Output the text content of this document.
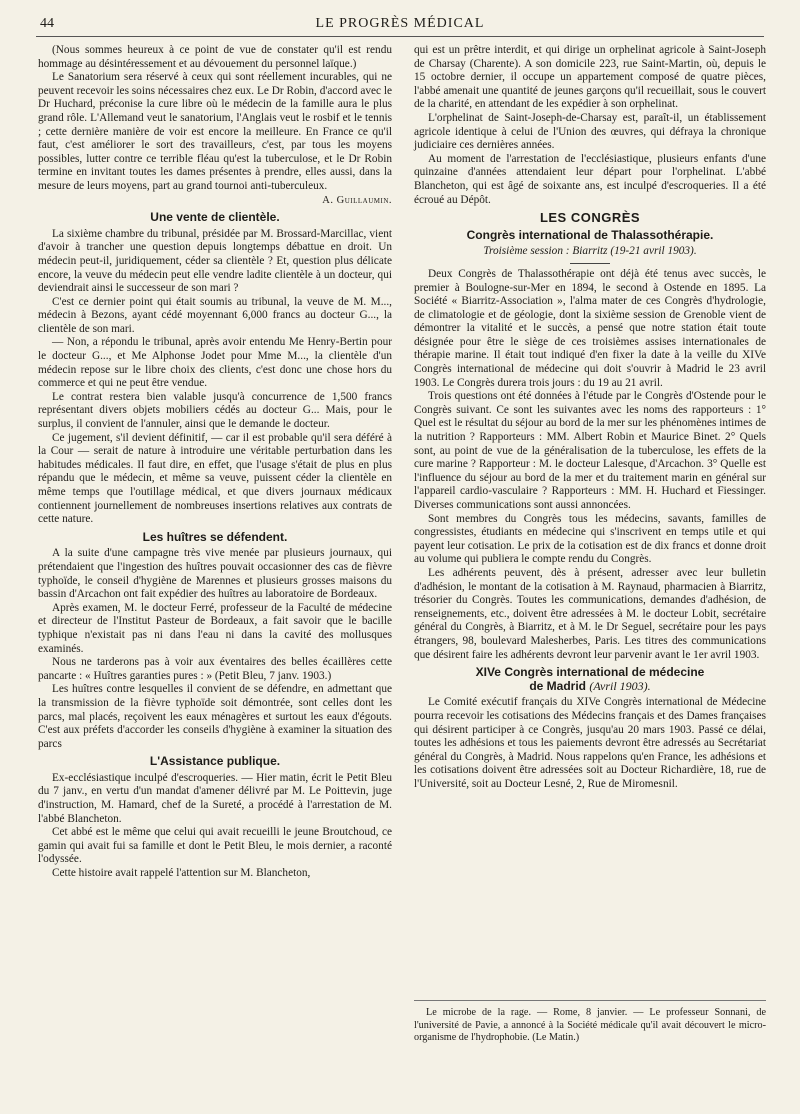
44	LE PROGRÈS MÉDICAL

(Nous sommes heureux à ce point de vue de constater qu'il est rendu hommage au désintéressement et au dévouement du personnel laïque.)

Le Sanatorium sera réservé à ceux qui sont réellement incurables, qui ne peuvent recevoir les soins nécessaires chez eux. Le Dr Robin, d'accord avec le Dr Huchard, préconise la cure libre où le médecin de la famille aura le plus grand rôle. L'Allemand veut le sanatorium, l'Anglais veut le rosbif et le tennis ; cette dernière manière de voir est encore la meilleure. En France ce qu'il faut, c'est améliorer le sort des travailleurs, c'est, par tous les moyens possibles, lutter contre ce terrible fléau qu'est la tuberculose, et le Dr Robin termine en invitant toutes les dames présentes à prendre, elles aussi, dans la mesure de leurs moyens, part au grand tournoi anti-tuberculeux.

A. Guillaumin.

Une vente de clientèle.

La sixième chambre du tribunal, présidée par M. Brossard-Marcillac, vient d'avoir à trancher une question depuis longtemps débattue en droit. Un médecin peut-il, juridiquement, céder sa clientèle ? Et, question plus délicate encore, la veuve du médecin peut elle vendre ladite clientèle à un docteur, qui deviendrait ainsi le successeur de son mari ?

C'est ce dernier point qui était soumis au tribunal, la veuve de M. M..., médecin à Bezons, ayant cédé moyennant 6,000 francs au docteur G..., la clientèle de son mari.

— Non, a répondu le tribunal, après avoir entendu Me Henry-Bertin pour le docteur G..., et Me Alphonse Jodet pour Mme M..., la clientèle d'un médecin repose sur le libre choix des clients, c'est donc une chose hors du commerce et qui ne peut être vendue.

Le contrat restera bien valable jusqu'à concurrence de 1,500 francs représentant divers objets mobiliers cédés au docteur G... Mais, pour le surplus, il convient de l'annuler, ainsi que le demande le docteur.

Ce jugement, s'il devient définitif, — car il est probable qu'il sera déféré à la Cour — serait de nature à introduire une véritable perturbation dans les habitudes médicales. Il faut dire, en effet, que l'usage s'était de plus en plus répandu que le médecin, et même sa veuve, puissent céder la clientèle en même temps que l'outillage médical, et que divers journaux médicaux contiennent journellement de nombreuses insertions relatives aux contrats de cette nature.

Les huîtres se défendent.

A la suite d'une campagne très vive menée par plusieurs journaux, qui prétendaient que l'ingestion des huîtres pouvait occasionner des cas de fièvre typhoïde, le conseil d'hygiène de Marennes et plusieurs grosses maisons du bassin d'Arcachon ont fait expédier des huîtres au laboratoire de Bordeaux.

Après examen, M. le docteur Ferré, professeur de la Faculté de médecine et directeur de l'Institut Pasteur de Bordeaux, a fait savoir que le bacille typhique n'existait pas ni dans l'eau ni dans la cavité des mollusques examinés.

Nous ne tarderons pas à voir aux éventaires des belles écaillères cette pancarte : « Huîtres garanties pures : » (Petit Bleu, 7 janv. 1903.)

Les huîtres contre lesquelles il convient de se défendre, en admettant que la transmission de la fièvre typhoïde soit démontrée, sont celles dont les parcs, mal placés, reçoivent les eaux ménagères et surtout les eaux d'égouts. C'est aux préfets d'accorder les conseils d'hygiène à examiner la situation des parcs

L'Assistance publique.

Ex-ecclésiastique inculpé d'escroqueries. — Hier matin, écrit le Petit Bleu du 7 janv., en vertu d'un mandat d'amener délivré par M. Le Poittevin, juge d'instruction, M. Hamard, chef de la Sureté, a procédé à l'arrestation de M. l'abbé Blancheton.

Cet abbé est le même que celui qui avait recueilli le jeune Broutchoud, ce gamin qui avait fui sa famille et dont le Petit Bleu, le mois dernier, a raconté l'odyssée.

Cette histoire avait rappelé l'attention sur M. Blancheton,

qui est un prêtre interdit, et qui dirige un orphelinat agricole à Saint-Joseph de Charsay (Charente). A son domicile 223, rue Saint-Martin, où, depuis le 15 octobre dernier, il occupe un appartement composé de quatre pièces, l'abbé amenait une quantité de jeunes garçons qu'il recueillait, sous le couvert de la charité, en attendant de les expédier à son orphelinat.

L'orphelinat de Saint-Joseph-de-Charsay est, paraît-il, un établissement agricole identique à celui de l'Union des œuvres, qui défraya la chronique judiciaire ces dernières années.

Au moment de l'arrestation de l'ecclésiastique, plusieurs enfants d'une quinzaine d'années attendaient leur départ pour l'orphelinat. L'abbé Blancheton, qui est âgé de soixante ans, est inculpé d'escroqueries. Il a été écroué au Dépôt.

LES CONGRÈS
Congrès international de Thalassothérapie.
Troisième session : Biarritz (19-21 avril 1903).

Deux Congrès de Thalassothérapie ont déjà été tenus avec succès, le premier à Boulogne-sur-Mer en 1894, le second à Ostende en 1895. La Société « Biarritz-Association », l'alma mater de ces Congrès d'hydrologie, de climatologie et de géologie, dont la sixième session de Grenoble vient de démontrer la vitalité et le succès, a pensé que notre station était toute désignée pour être le siège de ces troisièmes assises internationales de thérapie marine. Il était tout indiqué d'en fixer la date à la veille du XIVe Congrès international de médecine qui doit s'ouvrir à Madrid le 23 avril 1903. Le Congrès durera trois jours : du 19 au 21 avril.

Trois questions ont été données à l'étude par le Congrès d'Ostende pour le Congrès suivant. Ce sont les suivantes avec les noms des rapporteurs : 1° Quel est le résultat du séjour au bord de la mer sur les phénomènes intimes de la nutrition ? Rapporteurs : MM. Albert Robin et Maurice Binet. 2° Quels sont, au point de vue de la généralisation de la tuberculose, les effets de la cure marine ? Rapporteur : M. le docteur Lalesque, d'Arcachon. 3° Quelle est l'influence du séjour au bord de la mer et du traitement marin en général sur l'appareil cardio-vasculaire ? Rapporteurs : MM. H. Huchard et Fiessinger. Diverses communications sont aussi annoncées.

Sont membres du Congrès tous les médecins, savants, familles de congressistes, étudiants en médecine qui s'inscrivent en temps utile et qui payent leur cotisation. Le prix de la cotisation est de dix francs et donne droit au volume qui publiera le compte rendu du Congrès.

Les adhérents peuvent, dès à présent, adresser avec leur bulletin d'adhésion, le montant de la cotisation à M. Raynaud, pharmacien à Biarritz, trésorier du Congrès. Toutes les communications, demandes d'adhésion, de renseignements, etc., doivent être adressées à M. le docteur Lobit, secrétaire général du Congrès, à Biarritz, et à M. le Dr Seguel, secrétaire pour les pays étrangers, 98, boulevard Malesherbes, Paris. Les titres des communications que désirent faire les adhérents devront leur parvenir avant le 1er avril 1903.

XIVe Congrès international de médecine
de Madrid (Avril 1903).

Le Comité exécutif français du XIVe Congrès international de Médecine pourra recevoir les cotisations des Médecins français et des Dames françaises qui désirent participer à ce Congrès, jusqu'au 20 mars 1903. Passé ce délai, toutes les adhésions et tous les paiements devront être adressés au Secrétariat général du Congrès, à Madrid. Nous rappelons qu'en France, les adhésions et les cotisations doivent être adressées soit au Docteur Richardière, 18, rue de l'Université, soit au Docteur Lesné, 2, Rue de Miromesnil.

Le microbe de la rage. — Rome, 8 janvier. — Le professeur Sonnani, de l'université de Pavie, a annoncé à la Société médicale qu'il avait découvert le micro-organisme de l'hydrophobie. (Le Matin.)
